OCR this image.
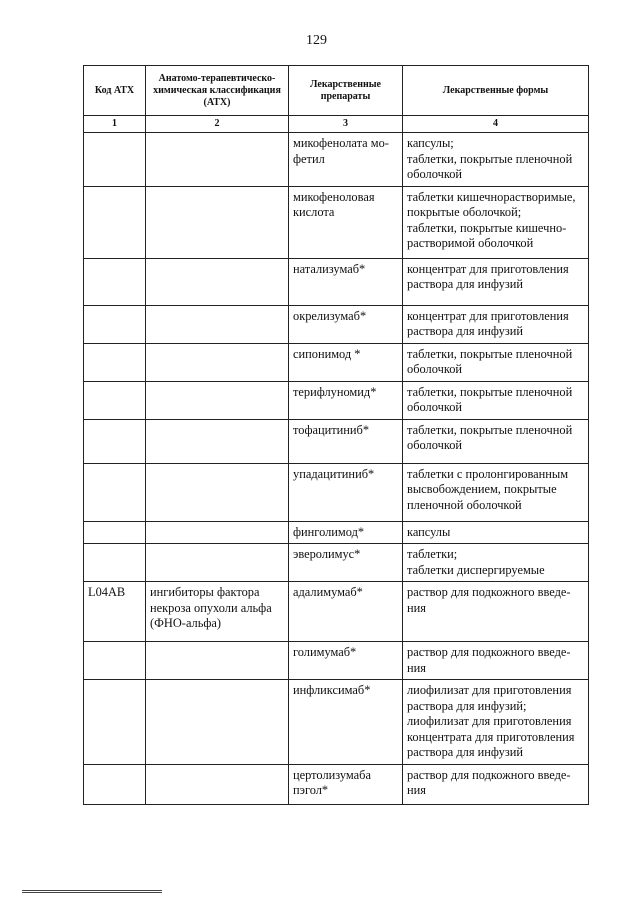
129
Код АТХ	Анатомо-терапевтическо-химическая классификация (АТХ)	Лекарственные препараты	Лекарственные формы
1	2	3	4
		микофенолата мо-фетил	капсулы;
таблетки, покрытые пленочной оболочкой
		микофеноловая кислота	таблетки кишечнорастворимые, покрытые оболочкой;
таблетки, покрытые кишечно-растворимой оболочкой
		натализумаб*	концентрат для приготовления раствора для инфузий
		окрелизумаб*	концентрат для приготовления раствора для инфузий
		сипонимод *	таблетки, покрытые пленочной оболочкой
		терифлуномид*	таблетки, покрытые пленочной оболочкой
		тофацитиниб*	таблетки, покрытые пленочной оболочкой
		упадацитиниб*	таблетки с пролонгированным высвобождением, покрытые пленочной оболочкой
		финголимод*	капсулы
		эверолимус*	таблетки;
таблетки диспергируемые
L04AB	ингибиторы фактора некроза опухоли альфа (ФНО-альфа)	адалимумаб*	раствор для подкожного введе-ния
		голимумаб*	раствор для подкожного введе-ния
		инфликсимаб*	лиофилизат для приготовления раствора для инфузий;
лиофилизат для приготовления концентрата для приготовления раствора для инфузий
		цертолизумаба пэгол*	раствор для подкожного введе-ния
